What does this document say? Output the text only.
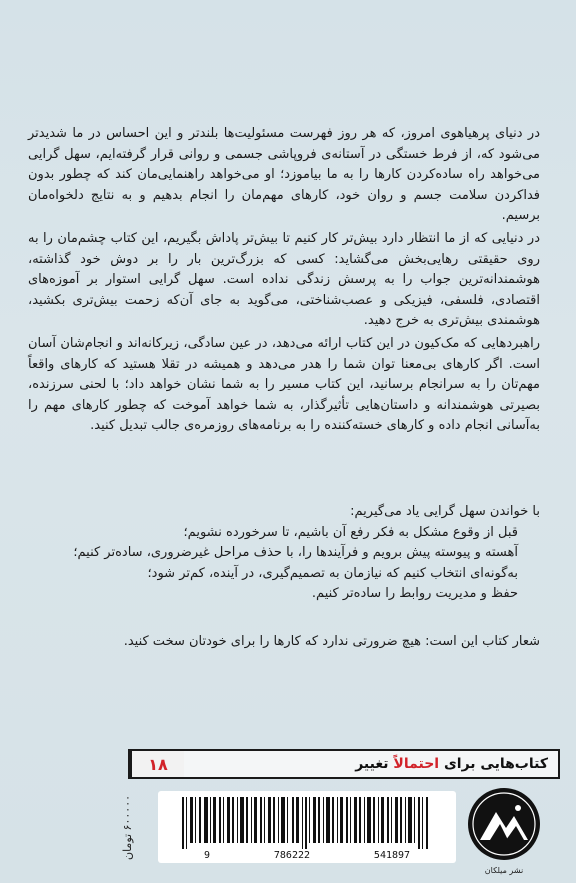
در دنیای پرهیاهوی امروز، که هر روز فهرست مسئولیت‌ها بلندتر و این احساس در ما شدیدتر می‌شود که، از فرط خستگی در آستانه‌ی فروپاشی جسمی و روانی قرار گرفته‌ایم، سهل گرایی می‌خواهد راه ساده‌کردن کارها را به ما بیاموزد؛ او می‌خواهد راهنمایی‌مان کند که چطور بدون فداکردن سلامت جسم و روان خود، کارهای مهم‌مان را انجام بدهیم و به نتایج دلخواه‌مان برسیم.

در دنیایی که از ما انتظار دارد بیش‌تر کار کنیم تا بیش‌تر پاداش بگیریم، این کتاب چشم‌مان را به روی حقیقتی رهایی‌بخش می‌گشاید: کسی که بزرگ‌ترین بار را بر دوش خود گذاشته، هوشمندانه‌ترین جواب را به پرسش زندگی نداده است. سهل گرایی استوار بر آموزه‌های اقتصادی، فلسفی، فیزیکی و عصب‌شناختی، می‌گوید به جای آن‌که زحمت بیش‌تری بکشید، هوشمندی بیش‌تری به خرج دهید.

راهبردهایی که مک‌کیون در این کتاب ارائه می‌دهد، در عین سادگی، زیرکانه‌اند و انجام‌شان آسان است. اگر کارهای بی‌معنا توان شما را هدر می‌دهد و همیشه در تقلا هستید که کارهای واقعاً مهم‌تان را به سرانجام برسانید، این کتاب مسیر را به شما نشان خواهد داد؛ با لحنی سرزنده، بصیرتی هوشمندانه و داستان‌هایی تأثیرگذار، به شما خواهد آموخت که چطور کارهای مهم را به‌آسانی انجام داده و کارهای خسته‌کننده را به برنامه‌های روزمره‌ی جالب تبدیل کنید.

با خواندن سهل گرایی یاد می‌گیریم:

قبل از وقوع مشکل به فکر رفع آن باشیم، تا سرخورده نشویم؛

آهسته و پیوسته پیش برویم و فرآیندها را، با حذف مراحل غیرضروری، ساده‌تر کنیم؛

به‌گونه‌ای انتخاب کنیم که نیازمان به تصمیم‌گیری، در آینده، کم‌تر شود؛

حفظ و مدیریت روابط را ساده‌تر کنیم.

شعار کتاب این است: هیچ ضرورتی ندارد که کارها را برای خودتان سخت کنید.
کتاب‌هایی برای احتمالاً تغییر
۱۸
۶۰۰۰۰۰ تومان
9	786222	541897
نشر میلکان
